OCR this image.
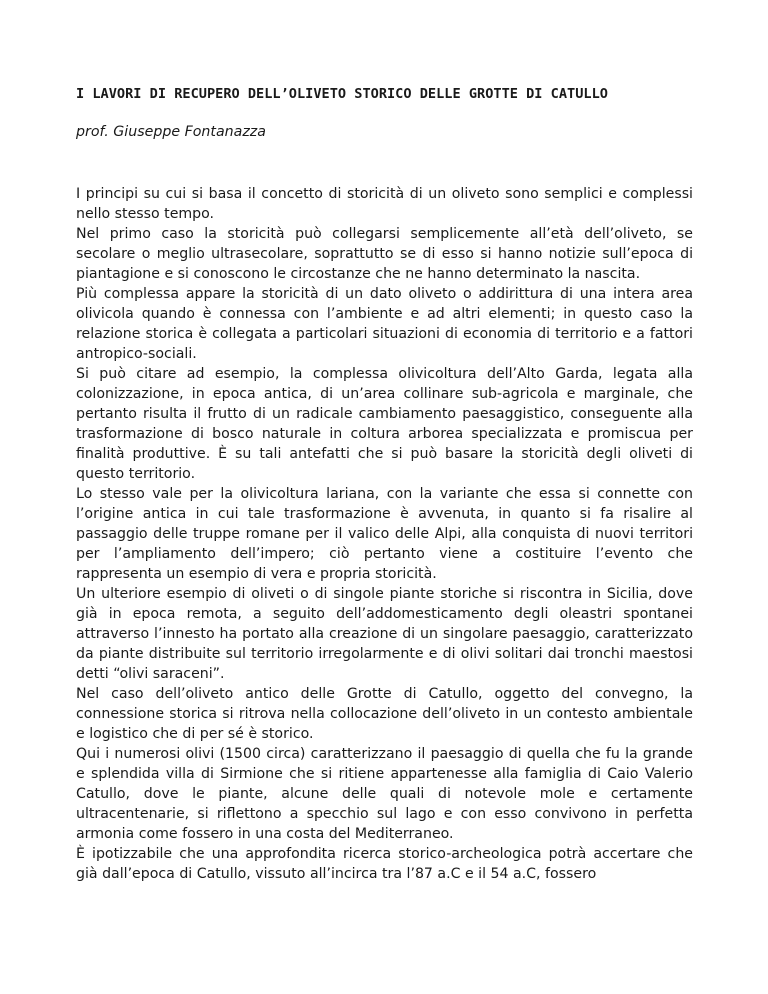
I LAVORI DI RECUPERO DELL’OLIVETO STORICO DELLE GROTTE DI CATULLO

prof. Giuseppe Fontanazza

I principi su cui si basa il concetto di storicità di un oliveto sono semplici e complessi nello stesso tempo.

Nel primo caso la storicità può collegarsi semplicemente all’età dell’oliveto, se secolare o meglio ultrasecolare, soprattutto se di esso si hanno notizie sull’epoca di piantagione e si conoscono le circostanze che ne hanno determinato la nascita.

Più complessa appare la storicità di un dato oliveto o addirittura di una intera area olivicola quando è connessa con l’ambiente e ad altri elementi; in questo caso la relazione storica è collegata a particolari situazioni di economia di territorio e a fattori antropico-sociali.

Si può citare ad esempio, la complessa olivicoltura dell’Alto Garda, legata alla colonizzazione, in epoca antica, di un’area collinare sub-agricola e marginale, che pertanto risulta il frutto di un radicale cambiamento paesaggistico, conseguente alla trasformazione di bosco naturale in coltura arborea specializzata e promiscua per finalità produttive. È su tali antefatti che si può basare la storicità degli oliveti di questo territorio.

Lo stesso vale per la olivicoltura lariana, con la variante che essa si connette con l’origine antica in cui tale trasformazione è avvenuta, in quanto si fa risalire al passaggio delle truppe romane per il valico delle Alpi, alla conquista di nuovi territori per l’ampliamento dell’impero; ciò pertanto viene a costituire l’evento che rappresenta un esempio di vera e propria storicità.

Un ulteriore esempio di oliveti o di singole piante storiche si riscontra in Sicilia, dove già in epoca remota, a seguito dell’addomesticamento degli oleastri spontanei attraverso l’innesto ha portato alla creazione di un singolare paesaggio, caratterizzato da piante distribuite sul territorio irregolarmente e di olivi solitari dai tronchi maestosi detti “olivi saraceni”.

Nel caso dell’oliveto antico delle Grotte di Catullo, oggetto del convegno, la connessione storica si ritrova nella collocazione dell’oliveto in un contesto ambientale e logistico che di per sé è storico.

Qui i numerosi olivi (1500 circa) caratterizzano il paesaggio di quella che fu la grande e splendida villa di Sirmione che si ritiene appartenesse alla famiglia di Caio Valerio Catullo, dove le piante, alcune delle quali di notevole mole e certamente ultracentenarie, si riflettono a specchio sul lago e con esso convivono in perfetta armonia come fossero in una costa del Mediterraneo.

È ipotizzabile che una approfondita ricerca storico-archeologica potrà accertare che già dall’epoca di Catullo, vissuto all’incirca tra l’87 a.C e il 54 a.C, fossero
